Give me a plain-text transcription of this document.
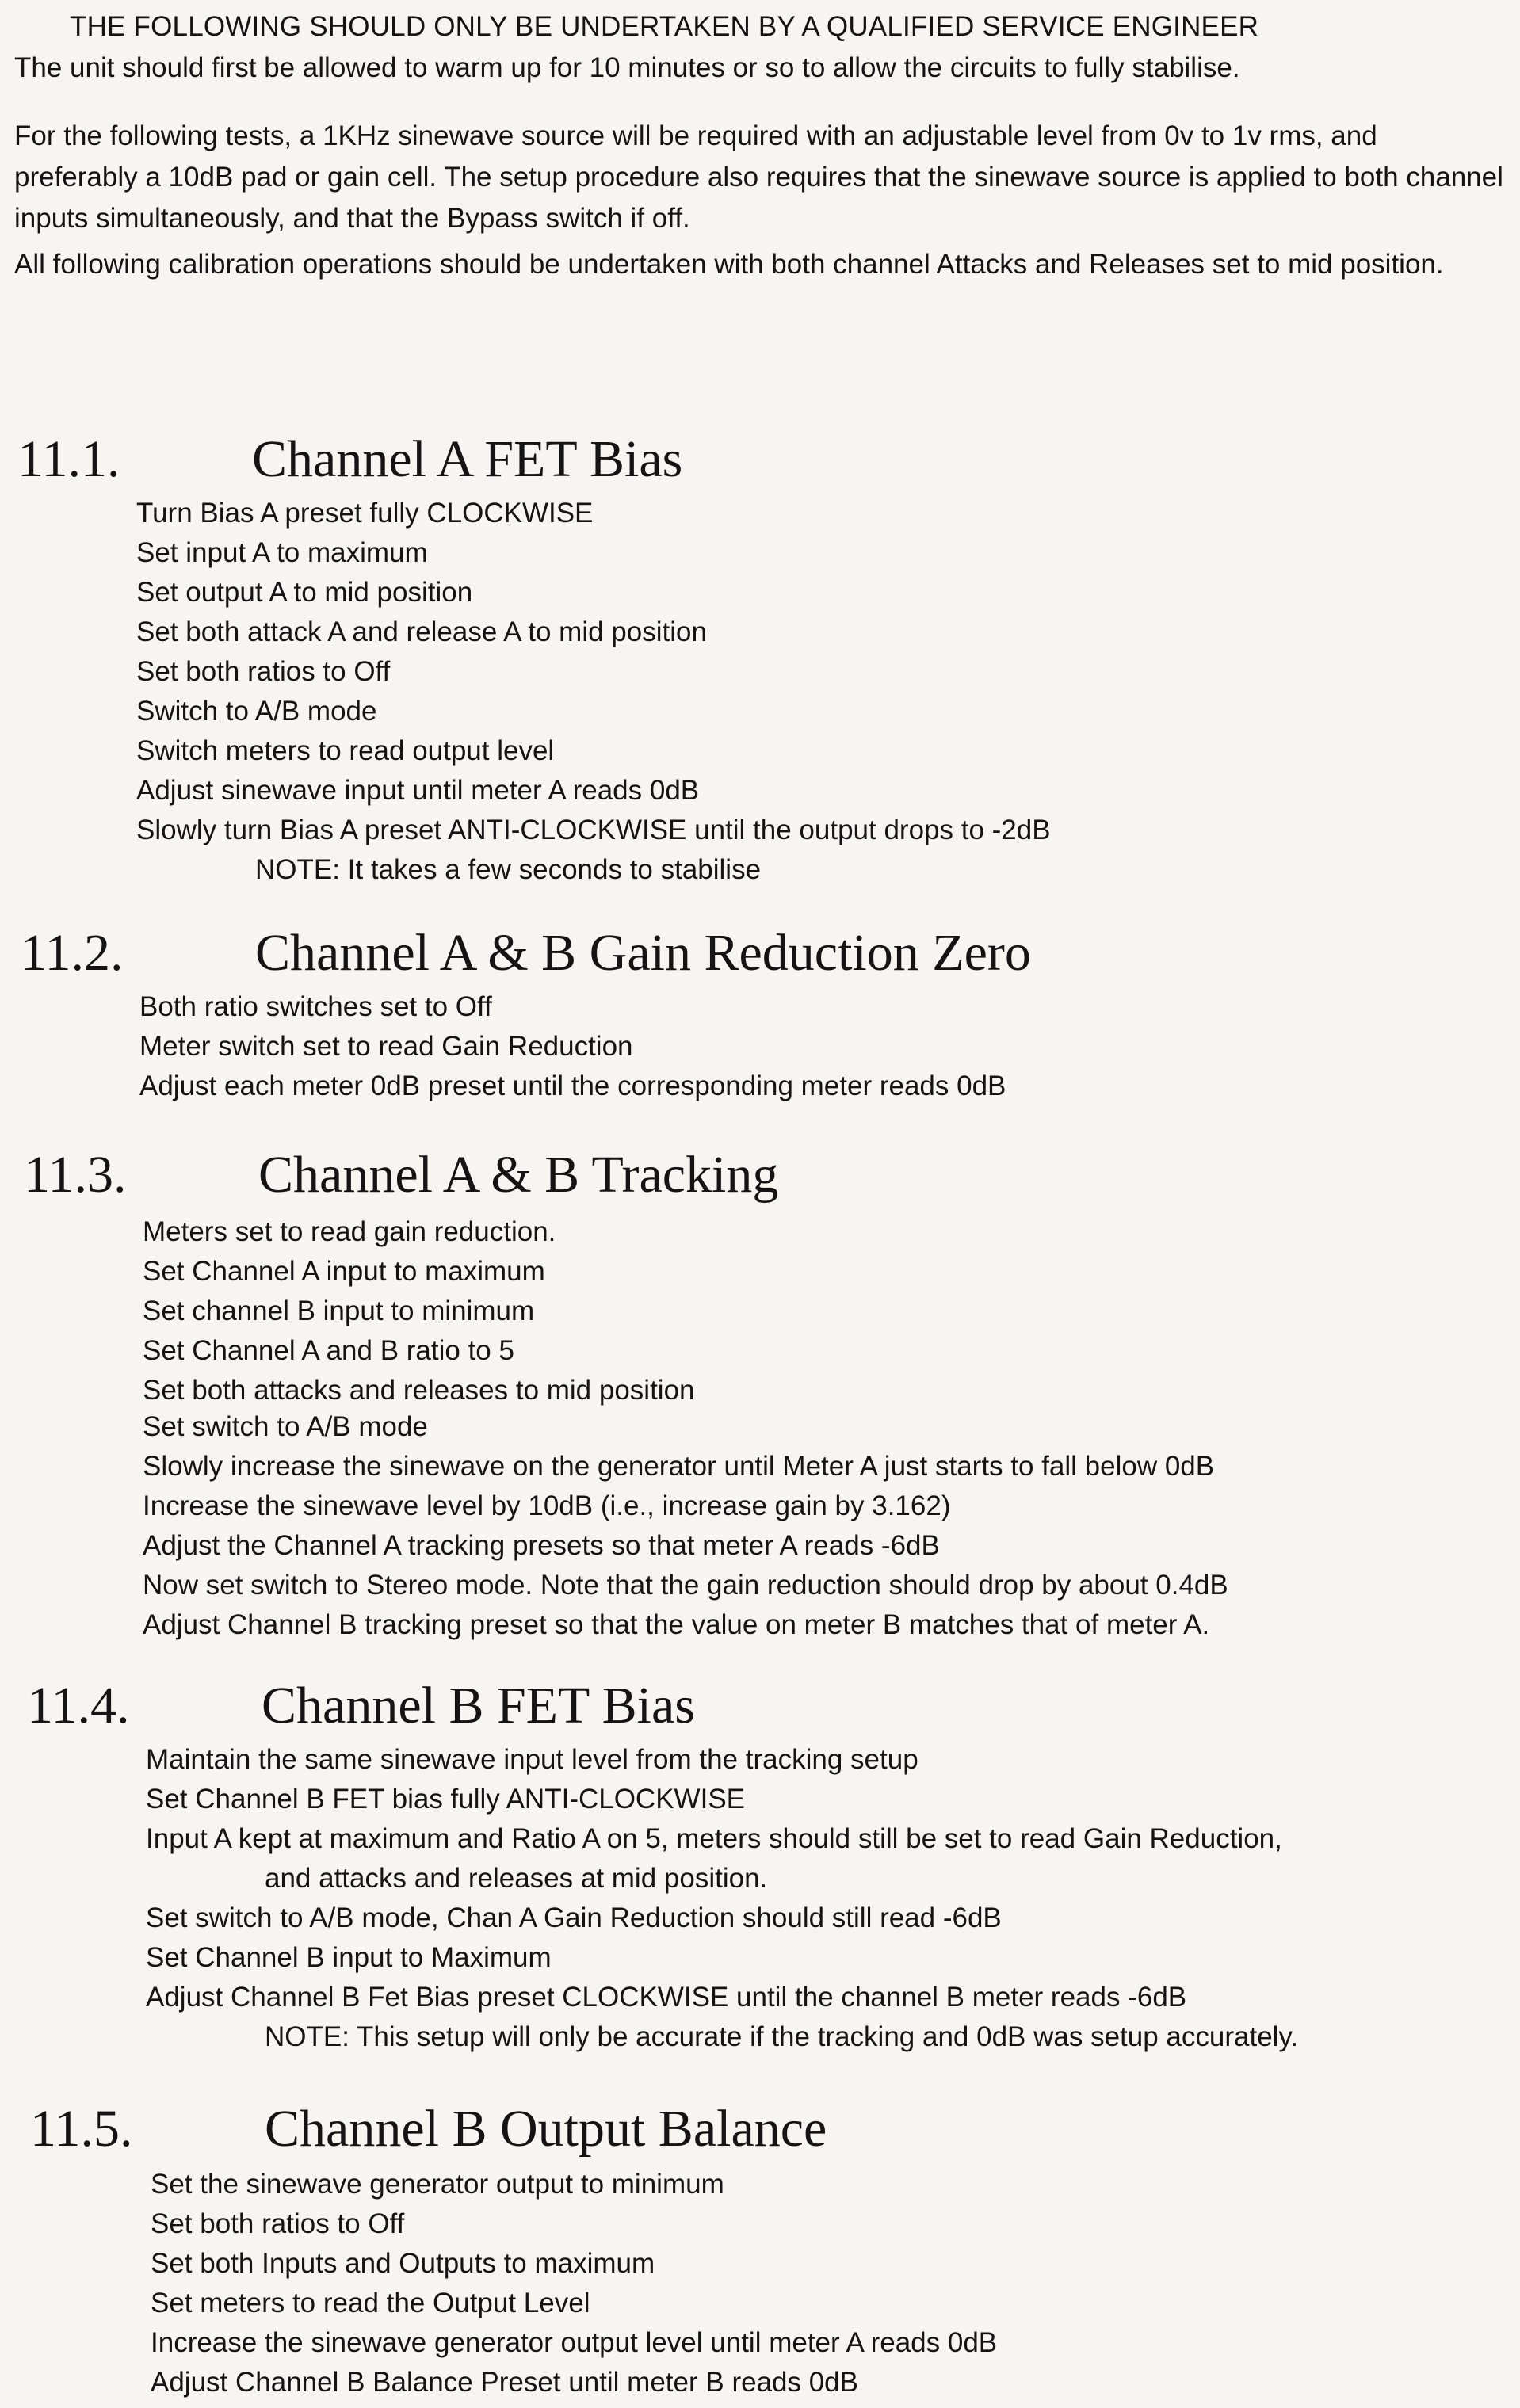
THE FOLLOWING SHOULD ONLY BE UNDERTAKEN BY A QUALIFIED SERVICE ENGINEER

The unit should first be allowed to warm up for 10 minutes or so to allow the circuits to fully stabilise.

For the following tests, a 1KHz sinewave source will be required with an adjustable level from 0v to 1v rms, and preferably a 10dB pad or gain cell. The setup procedure also requires that the sinewave source is applied to both channel inputs simultaneously, and that the Bypass switch if off.

All following calibration operations should be undertaken with both channel Attacks and Releases set to mid position.

11.1.	Channel A FET Bias
Turn Bias A preset fully CLOCKWISE
Set input A to maximum
Set output A to mid position
Set both attack A and release A to mid position
Set both ratios to Off
Switch to A/B mode
Switch meters to read output level
Adjust sinewave input until meter A reads 0dB
Slowly turn Bias A preset ANTI-CLOCKWISE until the output drops to -2dB
NOTE: It takes a few seconds to stabilise
11.2.	Channel A & B Gain Reduction Zero
Both ratio switches set to Off
Meter switch set to read Gain Reduction
Adjust each meter 0dB preset until the corresponding meter reads 0dB
11.3.	Channel A & B Tracking
Meters set to read gain reduction.
Set Channel A input to maximum
Set channel B input to minimum
Set Channel A and B ratio to 5
Set both attacks and releases to mid position
Set switch to A/B mode
Slowly increase the sinewave on the generator until Meter A just starts to fall below 0dB
Increase the sinewave level by 10dB (i.e., increase gain by 3.162)
Adjust the Channel A tracking presets so that meter A reads -6dB
Now set switch to Stereo mode. Note that the gain reduction should drop by about 0.4dB
Adjust Channel B tracking preset so that the value on meter B matches that of meter A.
11.4.	Channel B FET Bias
Maintain the same sinewave input level from the tracking setup
Set Channel B FET bias fully ANTI-CLOCKWISE
Input A kept at maximum and Ratio A on 5, meters should still be set to read Gain Reduction,
and attacks and releases at mid position.
Set switch to A/B mode, Chan A Gain Reduction should still read -6dB
Set Channel B input to Maximum
Adjust Channel B Fet Bias preset CLOCKWISE until the channel B meter reads -6dB
NOTE: This setup will only be accurate if the tracking and 0dB was setup accurately.
11.5.	Channel B Output Balance
Set the sinewave generator output to minimum
Set both ratios to Off
Set both Inputs and Outputs to maximum
Set meters to read the Output Level
Increase the sinewave generator output level until meter A reads 0dB
Adjust Channel B Balance Preset until meter B reads 0dB
